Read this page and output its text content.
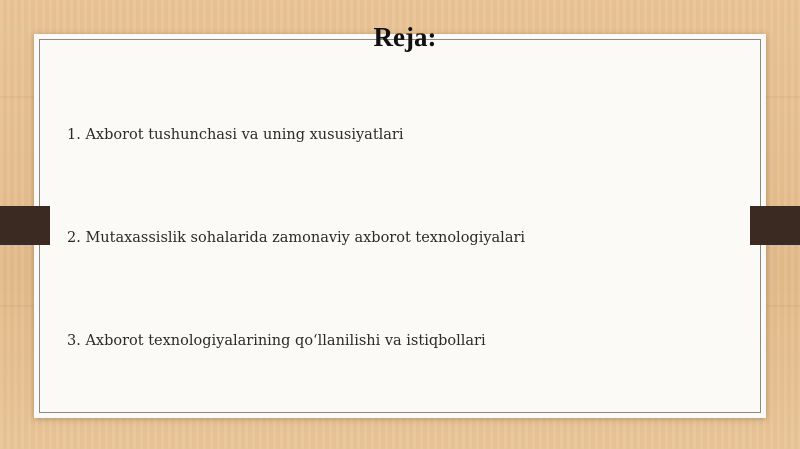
Reja:
1. Axborot tushunchasi va uning xususiyatlari
2. Mutaxassislik sohalarida zamonaviy axborot texnologiyalari
3. Axborot texnologiyalarining qo‘llanilishi va istiqbollari
